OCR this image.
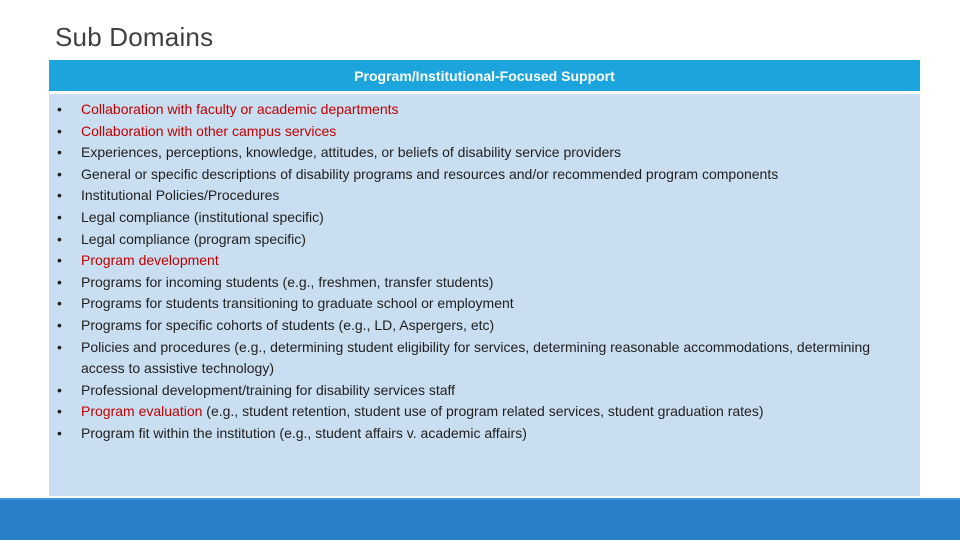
Sub Domains
Program/Institutional-Focused Support
•	Collaboration with faculty or academic departments
•	Collaboration with other campus services
•	Experiences, perceptions, knowledge, attitudes, or beliefs of disability service providers
•	General or specific descriptions of disability programs and resources and/or recommended program components
•	Institutional Policies/Procedures
•	Legal compliance (institutional specific)
•	Legal compliance (program specific)
•	Program development
•	Programs for incoming students (e.g., freshmen, transfer students)
•	Programs for students transitioning to graduate school or employment
•	Programs for specific cohorts of students (e.g., LD, Aspergers, etc)
•	Policies and procedures (e.g., determining student eligibility for services, determining reasonable accommodations, determining access to assistive technology)
•	Professional development/training for disability services staff
•	Program evaluation (e.g., student retention, student use of program related services, student graduation rates)
•	Program fit within the institution (e.g., student affairs v. academic affairs)
